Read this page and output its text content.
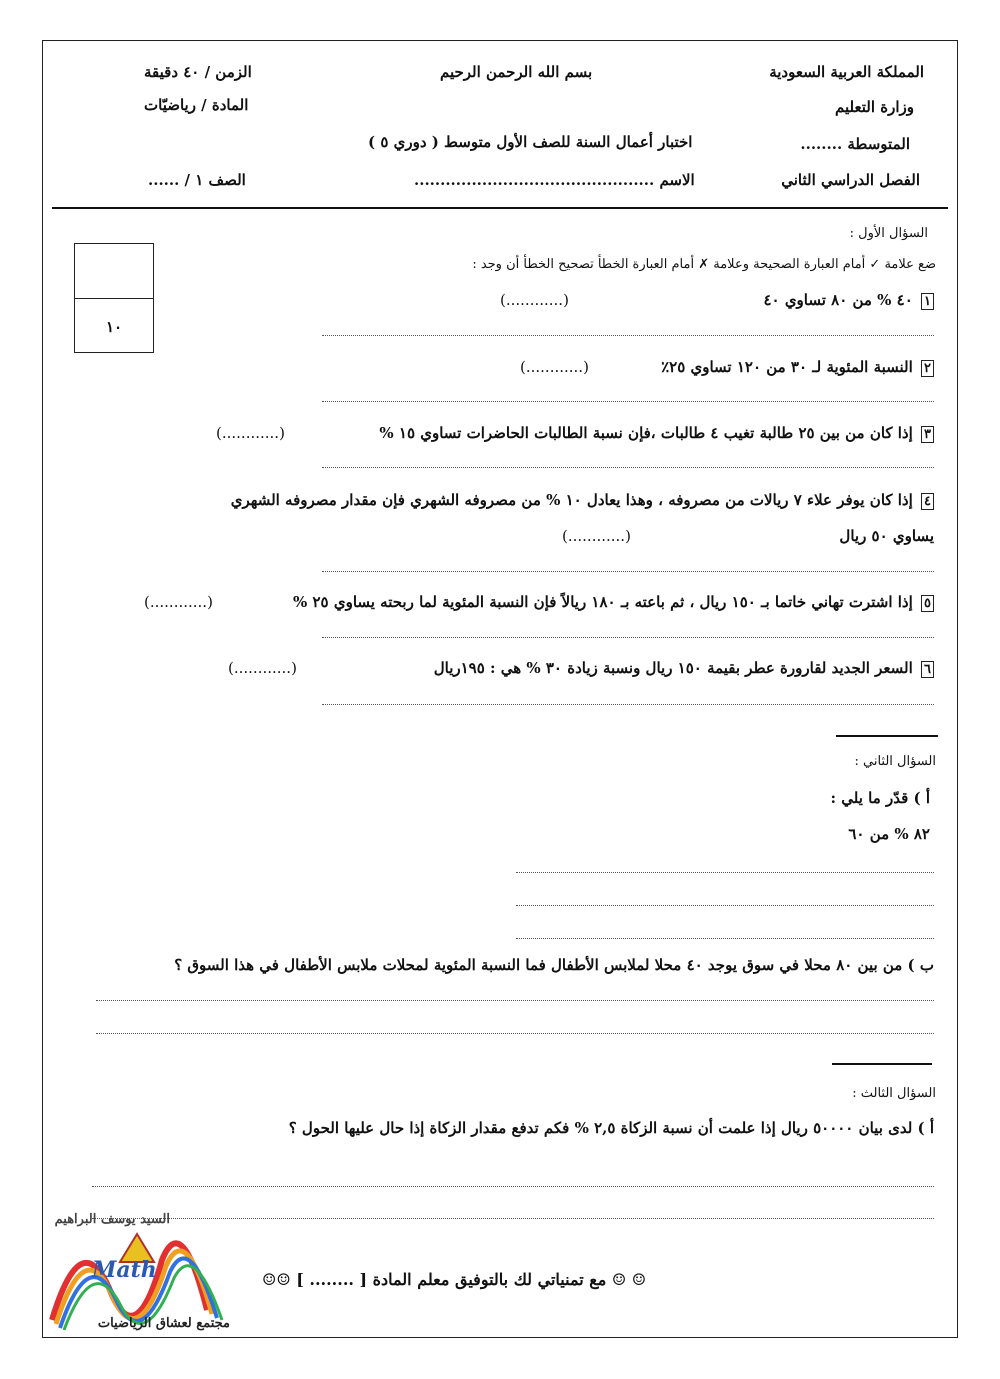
المملكة العربية السعودية
بسم الله الرحمن الرحيم
الزمن / ٤٠ دقيقة
وزارة التعليم
المادة / رياضيّات
المتوسطة ........
اختبار أعمال السنة للصف الأول متوسط ( دوري ٥ )
الفصل الدراسي الثاني
الاسم ..............................................
الصف ١ / ......
١٠
السؤال الأول :
ضع علامة ✓ أمام العبارة الصحيحة وعلامة ✗ أمام العبارة الخطأ تصحيح الخطأ أن وجد :
١ ٤٠ % من ٨٠ تساوي ٤٠
(............)
٢ النسبة المئوية لـ ٣٠ من ١٢٠ تساوي ٢٥٪
(............)
٣ إذا كان من بين ٢٥ طالبة تغيب ٤ طالبات ،فإن نسبة الطالبات الحاضرات تساوي ١٥ %
(............)
٤ إذا كان يوفر علاء ٧ ريالات من مصروفه ، وهذا يعادل ١٠ % من مصروفه الشهري فإن مقدار مصروفه الشهري
يساوي ٥٠ ريال
(............)
٥ إذا اشترت تهاني خاتما بـ ١٥٠ ريال ، ثم باعته بـ ١٨٠ ريالاً فإن النسبة المئوية لما ربحته يساوي ٢٥ %
(............)
٦ السعر الجديد لقارورة عطر بقيمة ١٥٠ ريال ونسبة زيادة ٣٠ % هي : ١٩٥ريال
(............)
السؤال الثاني :
أ ) قدّر ما يلي :
٨٢ % من ٦٠
ب ) من بين ٨٠ محلا في سوق يوجد ٤٠ محلا لملابس الأطفال فما النسبة المئوية لمحلات ملابس الأطفال في هذا السوق ؟
السؤال الثالث :
أ ) لدى بيان ٥٠٠٠٠ ريال إذا علمت أن نسبة الزكاة ٢,٥ % فكم تدفع مقدار الزكاة إذا حال عليها الحول ؟
☺ ☺ مع تمنياتي لك بالتوفيق معلم المادة [ ........ ] ☺☺
السيد يوسف البراهيم
Math
مجتمع لعشاق الرياضيات
